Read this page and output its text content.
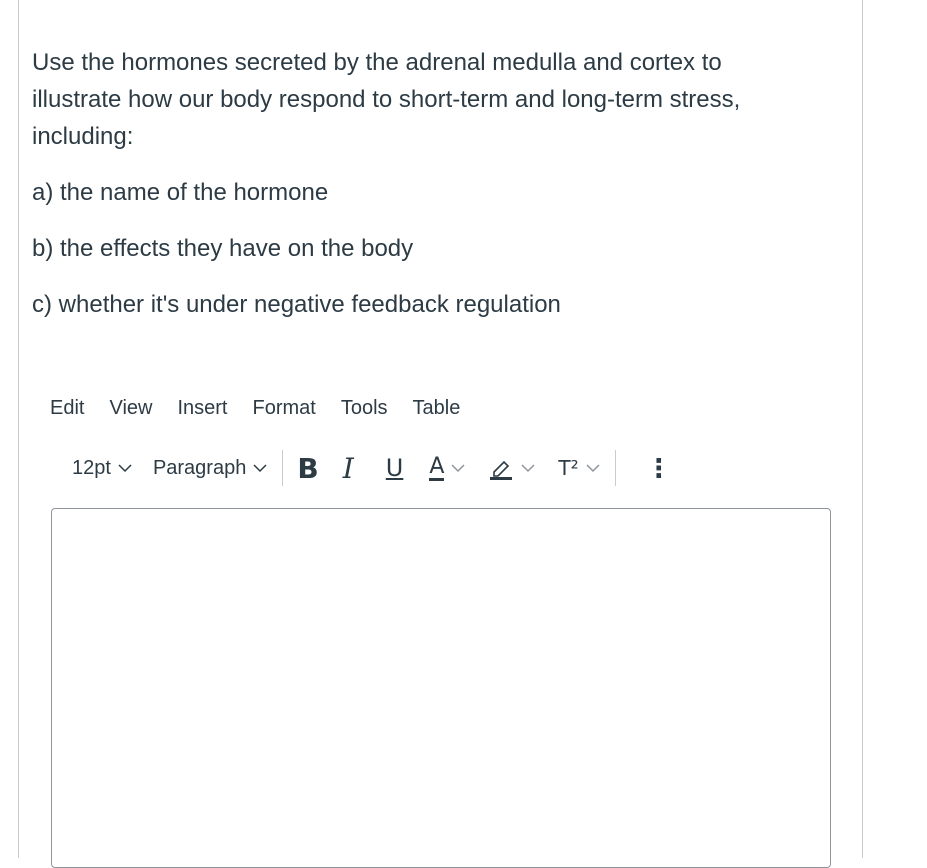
Use the hormones secreted by the adrenal medulla and cortex to illustrate how our body respond to short-term and long-term stress, including:

a) the name of the hormone

b) the effects they have on the body

c) whether it's under negative feedback regulation

Edit	View	Insert	Format	Tools	Table
12pt Paragraph B I U A	T²	⋮
